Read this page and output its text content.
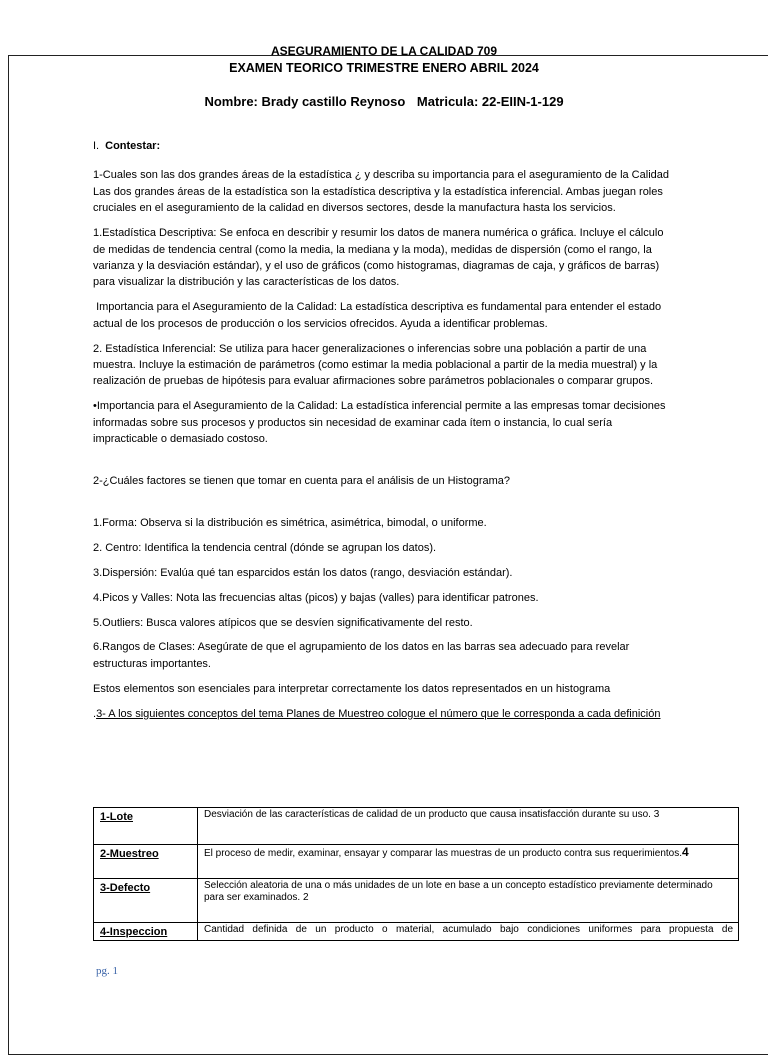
ASEGURAMIENTO DE LA CALIDAD 709
EXAMEN TEORICO TRIMESTRE ENERO ABRIL 2024
Nombre: Brady castillo Reynoso Matricula: 22-EIIN-1-129

I. Contestar:

1-Cuales son las dos grandes áreas de la estadística ¿ y describa su importancia para el aseguramiento de la Calidad Las dos grandes áreas de la estadística son la estadística descriptiva y la estadística inferencial. Ambas juegan roles cruciales en el aseguramiento de la calidad en diversos sectores, desde la manufactura hasta los servicios.

1.Estadística Descriptiva: Se enfoca en describir y resumir los datos de manera numérica o gráfica. Incluye el cálculo de medidas de tendencia central (como la media, la mediana y la moda), medidas de dispersión (como el rango, la varianza y la desviación estándar), y el uso de gráficos (como histogramas, diagramas de caja, y gráficos de barras) para visualizar la distribución y las características de los datos.

Importancia para el Aseguramiento de la Calidad: La estadística descriptiva es fundamental para entender el estado actual de los procesos de producción o los servicios ofrecidos. Ayuda a identificar problemas.

2. Estadística Inferencial: Se utiliza para hacer generalizaciones o inferencias sobre una población a partir de una muestra. Incluye la estimación de parámetros (como estimar la media poblacional a partir de la media muestral) y la realización de pruebas de hipótesis para evaluar afirmaciones sobre parámetros poblacionales o comparar grupos.

•Importancia para el Aseguramiento de la Calidad: La estadística inferencial permite a las empresas tomar decisiones informadas sobre sus procesos y productos sin necesidad de examinar cada ítem o instancia, lo cual sería impracticable o demasiado costoso.

2-¿Cuáles factores se tienen que tomar en cuenta para el análisis de un Histograma?

1.Forma: Observa si la distribución es simétrica, asimétrica, bimodal, o uniforme.

2. Centro: Identifica la tendencia central (dónde se agrupan los datos).

3.Dispersión: Evalúa qué tan esparcidos están los datos (rango, desviación estándar).

4.Picos y Valles: Nota las frecuencias altas (picos) y bajas (valles) para identificar patrones.

5.Outliers: Busca valores atípicos que se desvíen significativamente del resto.

6.Rangos de Clases: Asegúrate de que el agrupamiento de los datos en las barras sea adecuado para revelar estructuras importantes.

Estos elementos son esenciales para interpretar correctamente los datos representados en un histograma

.3- A los siguientes conceptos del tema Planes de Muestreo cologue el número que le corresponda a cada definición

1-Lote	Desviación de las características de calidad de un producto que causa insatisfacción durante su uso. 3
2-Muestreo	El proceso de medir, examinar, ensayar y comparar las muestras de un producto contra sus requerimientos.4
3-Defecto	Selección aleatoria de una o más unidades de un lote en base a un concepto estadístico previamente determinado para ser examinados. 2
4-Inspeccion	Cantidad definida de un producto o material, acumulado bajo condiciones uniformes para propuesta de
pg. 1
